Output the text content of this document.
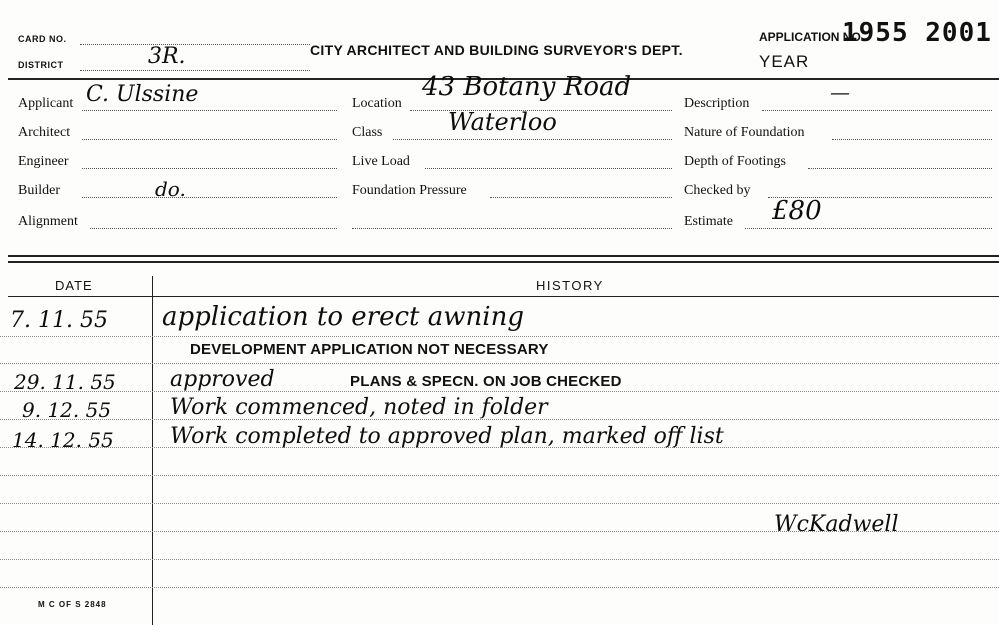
CARD NO.
DISTRICT	3R.	CITY ARCHITECT AND BUILDING SURVEYOR'S DEPT.
APPLICATION NO.
YEAR
1955 2001
Applicant C. Ulssine
Architect
Engineer
Builder	do.
Alignment
Location
43 Botany Road
Class	Waterloo
Live Load
Foundation Pressure
Description	—
Nature of Foundation
Depth of Footings
Checked by
Estimate £80
DATE	HISTORY
7. 11. 55 application to erect awning
DEVELOPMENT APPLICATION NOT NECESSARY
29. 11. 55 approved	PLANS & SPECN. ON JOB CHECKED
9. 12. 55	Work commenced, noted in folder
14. 12. 55	Work completed to approved plan, marked off list
WcKadwell
M C OF S 2848
